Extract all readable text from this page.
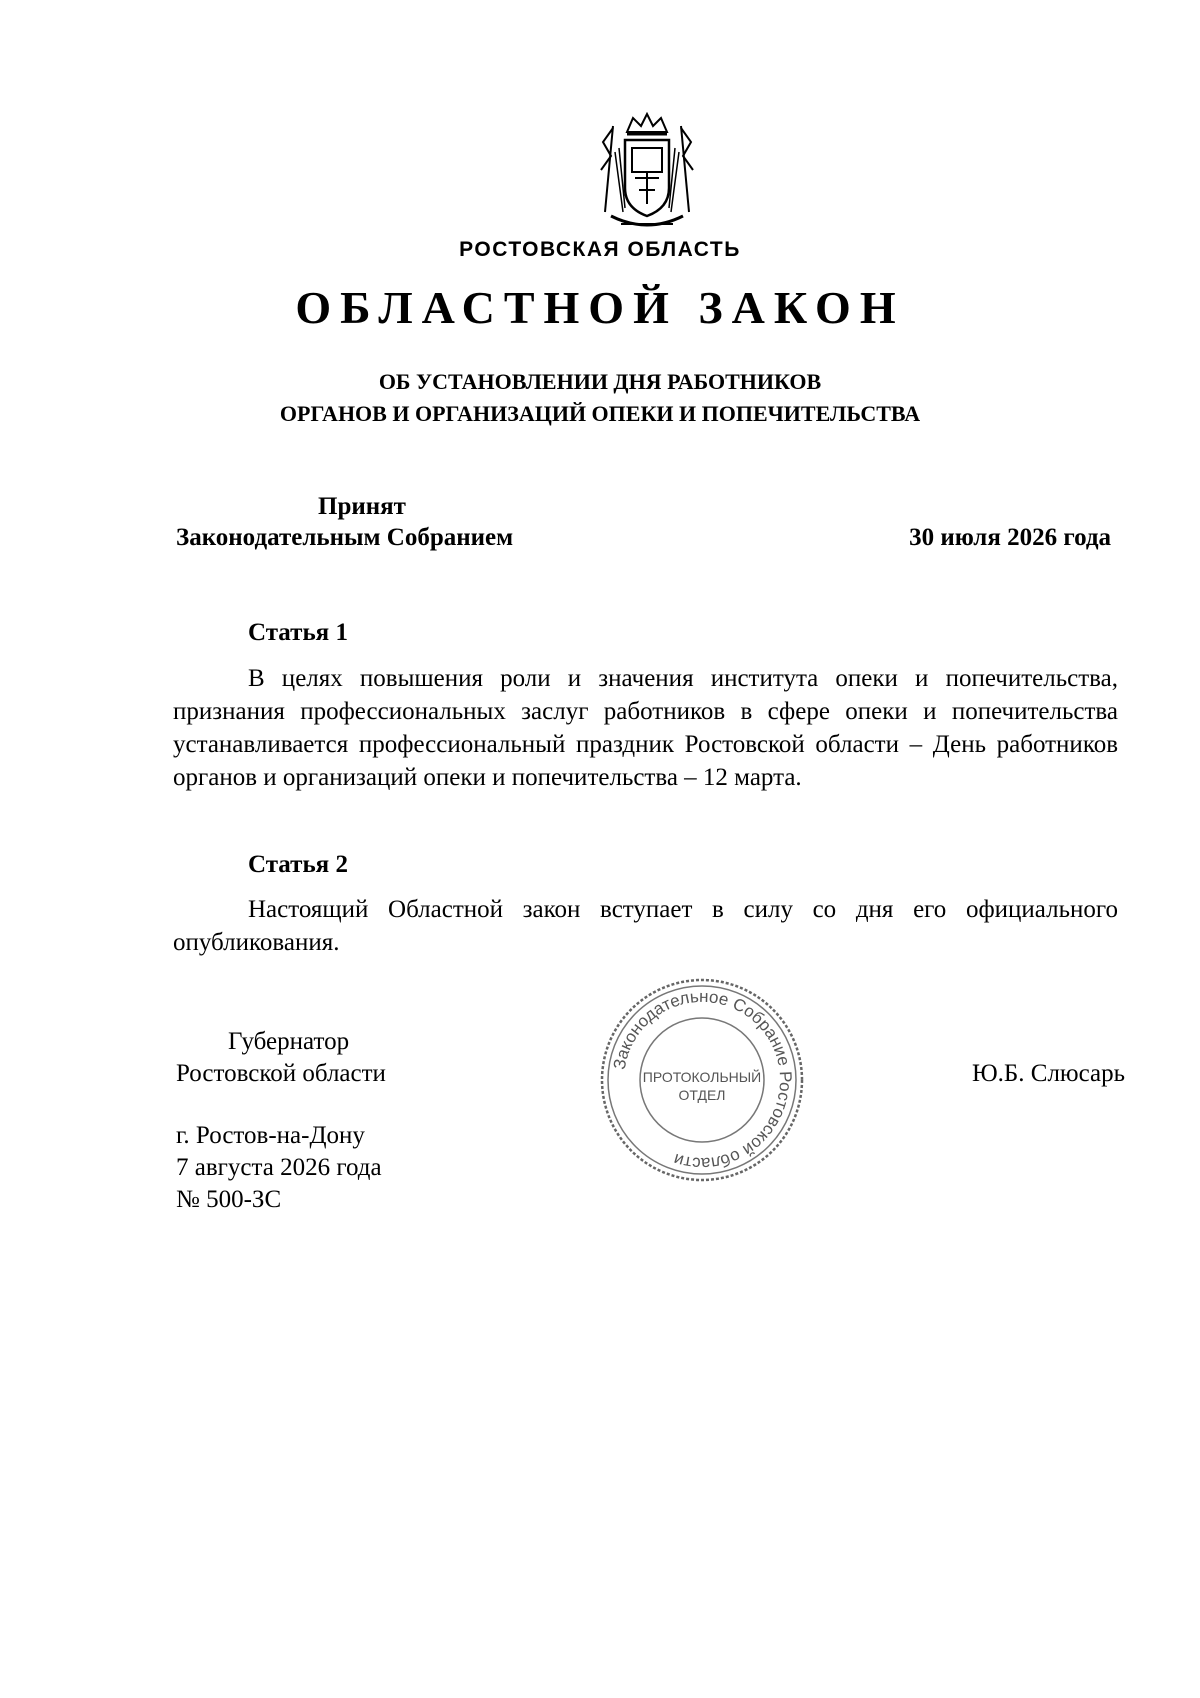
РОСТОВСКАЯ ОБЛАСТЬ
ОБЛАСТНОЙ ЗАКОН
ОБ УСТАНОВЛЕНИИ ДНЯ РАБОТНИКОВ
ОРГАНОВ И ОРГАНИЗАЦИЙ ОПЕКИ И ПОПЕЧИТЕЛЬСТВА
Принят
Законодательным Собранием	30 июля 2026 года
Статья 1

В целях повышения роли и значения института опеки и попечительства, признания профессиональных заслуг работников в сфере опеки и попечительства устанавливается профессиональный праздник Ростовской области – День работников органов и организаций опеки и попечительства – 12 марта.

Статья 2

Настоящий Областной закон вступает в силу со дня его официального опубликования.

Губернатор
Ростовской области	Ю.Б. Слюсарь
Законодательное Собрание Ростовской области
ПРОТОКОЛЬНЫЙ
ОТДЕЛ
г. Ростов-на-Дону
7 августа 2026 года
№ 500-ЗС
